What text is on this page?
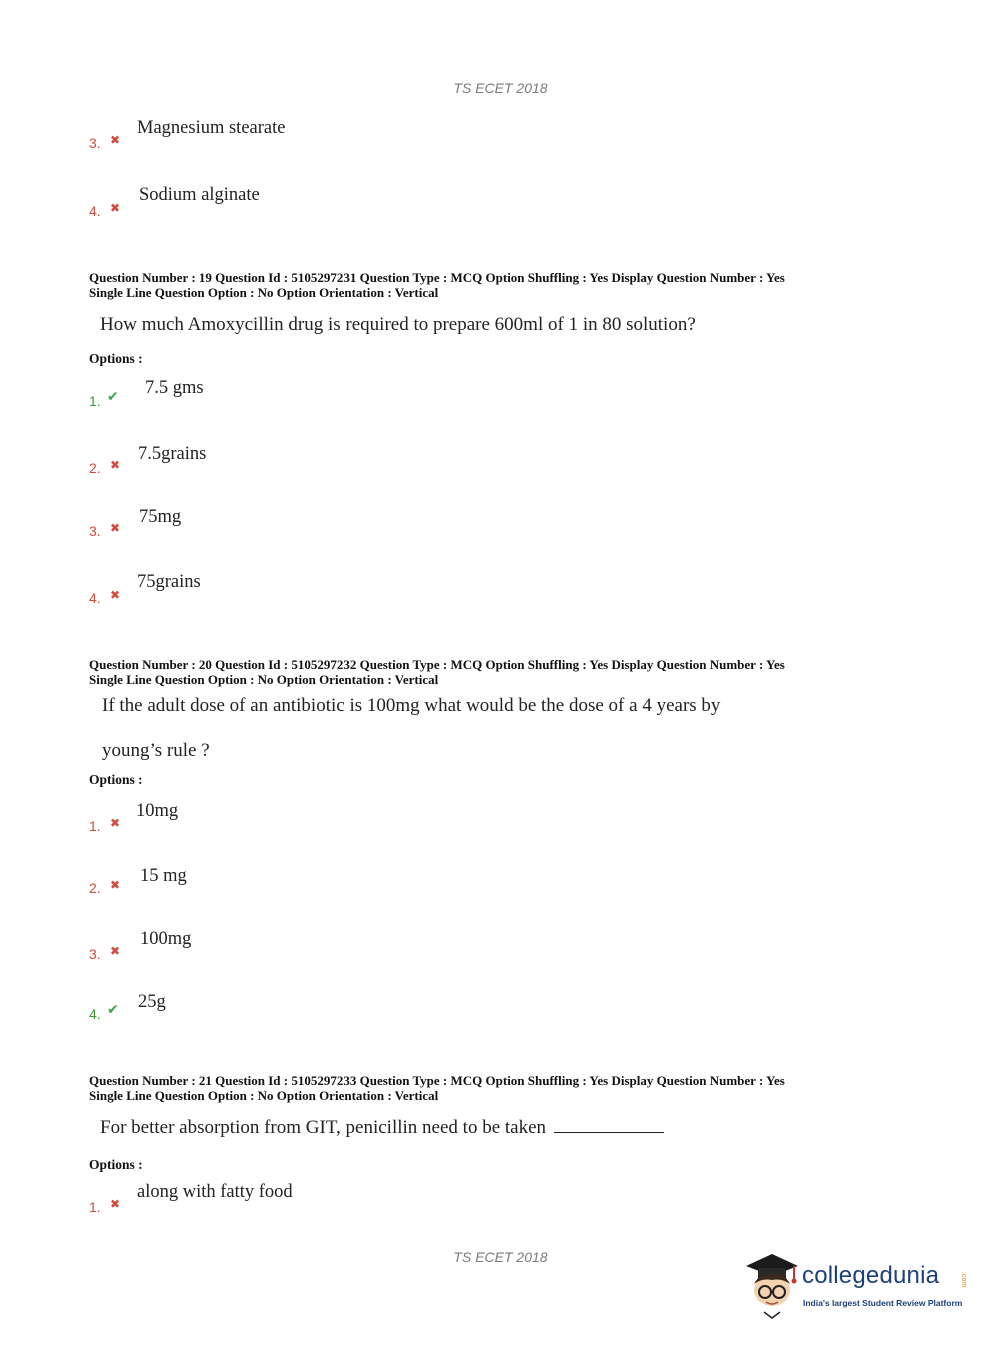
TS ECET 2018
3. ✖
Magnesium stearate
4. ✖
Sodium alginate
Question Number : 19 Question Id : 5105297231 Question Type : MCQ Option Shuffling : Yes Display Question Number : Yes
Single Line Question Option : No Option Orientation : Vertical
How much Amoxycillin drug is required to prepare 600ml of 1 in 80 solution?
Options :
1. ✔ 7.5 gms
2. ✖
7.5grains
3. ✖
75mg
4. ✖
75grains
Question Number : 20 Question Id : 5105297232 Question Type : MCQ Option Shuffling : Yes Display Question Number : Yes
Single Line Question Option : No Option Orientation : Vertical
If the adult dose of an antibiotic is 100mg what would be the dose of a 4 years by
young’s rule ?
Options :
1. ✖
10mg
2. ✖ 15 mg
3. ✖
100mg
4. ✔ 25g
Question Number : 21 Question Id : 5105297233 Question Type : MCQ Option Shuffling : Yes Display Question Number : Yes
Single Line Question Option : No Option Orientation : Vertical
For better absorption from GIT, penicillin need to be taken
Options :
1. ✖
along with fatty food
TS ECET 2018
collegedunia	.com
India's largest Student Review Platform
